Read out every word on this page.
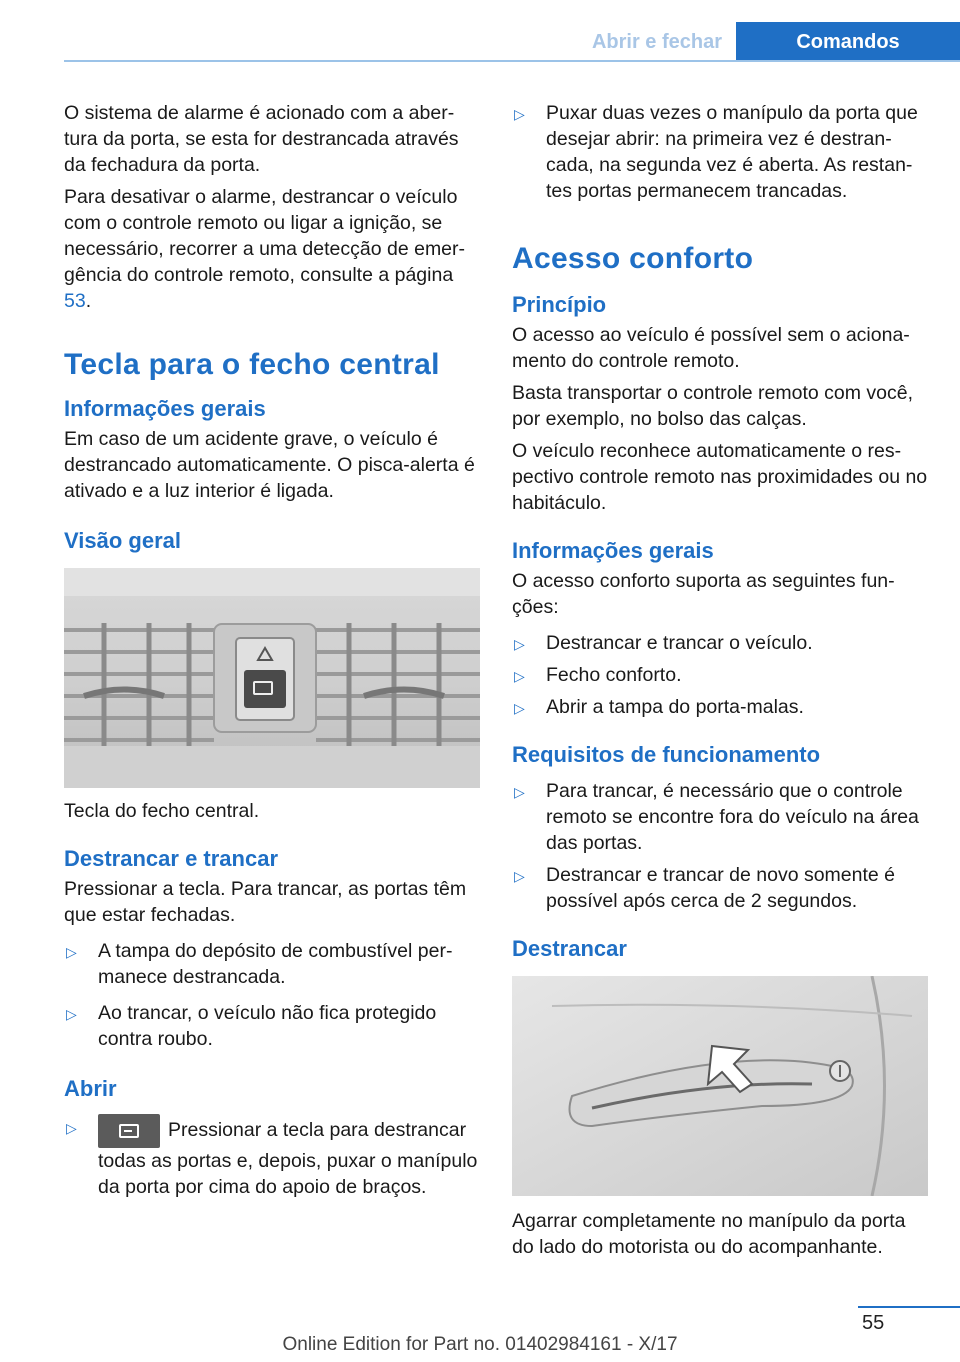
Abrir e fechar	Comandos

O sistema de alarme é acionado com a abertura da porta, se esta for destrancada através da fechadura da porta.

Para desativar o alarme, destrancar o veículo com o controle remoto ou ligar a ignição, se necessário, recorrer a uma detecção de emergência do controle remoto, consulte a página 53.

Tecla para o fecho central
Informações gerais

Em caso de um acidente grave, o veículo é destrancado automaticamente. O pisca-alerta é ativado e a luz interior é ligada.

Visão geral

Tecla do fecho central.

Destrancar e trancar

Pressionar a tecla. Para trancar, as portas têm que estar fechadas.

▷ A tampa do depósito de combustível permanece destrancada.
▷ Ao trancar, o veículo não fica protegido contra roubo.
Abrir
▷	Pressionar a tecla para destrancar todas as portas e, depois, puxar o manípulo da porta por cima do apoio de braços.
▷ Puxar duas vezes o manípulo da porta que desejar abrir: na primeira vez é destrancada, na segunda vez é aberta. As restantes portas permanecem trancadas.
Acesso conforto
Princípio

O acesso ao veículo é possível sem o acionamento do controle remoto.

Basta transportar o controle remoto com você, por exemplo, no bolso das calças.

O veículo reconhece automaticamente o respectivo controle remoto nas proximidades ou no habitáculo.

Informações gerais

O acesso conforto suporta as seguintes funções:

▷ Destrancar e trancar o veículo.
▷ Fecho conforto.
▷ Abrir a tampa do porta-malas.
Requisitos de funcionamento
▷ Para trancar, é necessário que o controle remoto se encontre fora do veículo na área das portas.
▷ Destrancar e trancar de novo somente é possível após cerca de 2 segundos.
Destrancar

Agarrar completamente no manípulo da porta do lado do motorista ou do acompanhante.

55
Online Edition for Part no. 01402984161 - X/17
